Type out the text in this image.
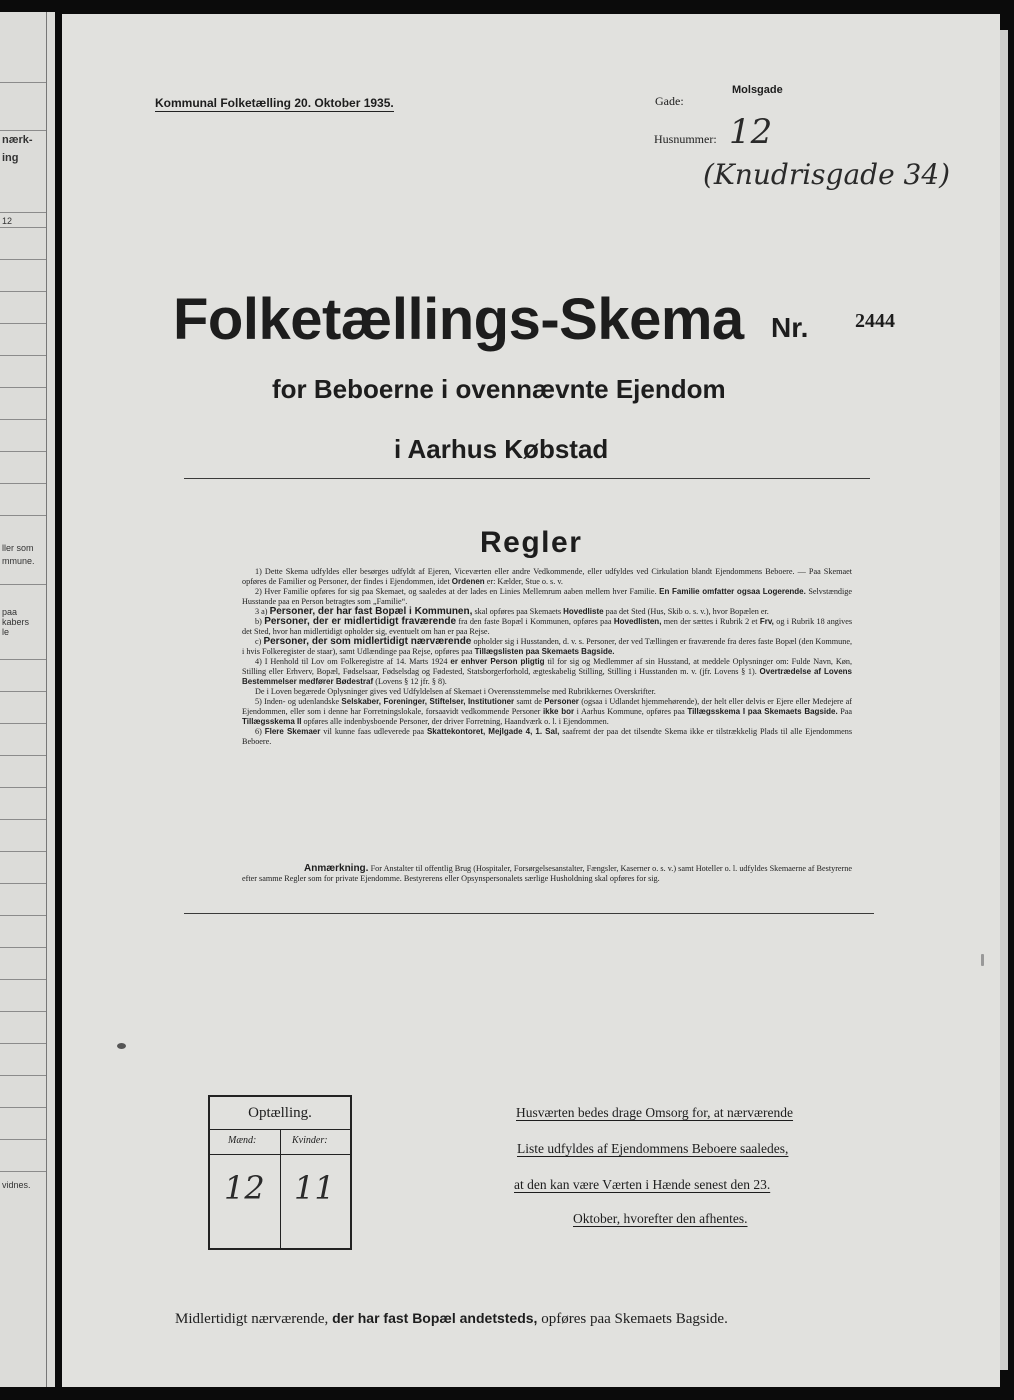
nærk-
ing
12
ller som
mmune.
paa
kabers
le
vidnes.
Kommunal Folketælling 20. Oktober 1935.	Gade:
Molsgade
Husnummer: 12
(Knudrisgade 34)
Folketællings-Skema Nr. 2444
for Beboerne i ovennævnte Ejendom
i Aarhus Købstad
Regler

1) Dette Skema udfyldes eller besørges udfyldt af Ejeren, Viceværten eller andre Vedkommende, eller udfyldes ved Cirkulation blandt Ejendommens Beboere. — Paa Skemaet opføres de Familier og Personer, der findes i Ejendommen, idet Ordenen er: Kælder, Stue o. s. v.

2) Hver Familie opføres for sig paa Skemaet, og saaledes at der lades en Linies Mellemrum aaben mellem hver Familie. En Familie omfatter ogsaa Logerende. Selvstændige Husstande paa en Person betragtes som „Familie“.

3 a) Personer, der har fast Bopæl i Kommunen, skal opføres paa Skemaets Hovedliste paa det Sted (Hus, Skib o. s. v.), hvor Bopælen er.

b) Personer, der er midlertidigt fraværende fra den faste Bopæl i Kommunen, opføres paa Hovedlisten, men der sættes i Rubrik 2 et Frv, og i Rubrik 18 angives det Sted, hvor han midlertidigt opholder sig, eventuelt om han er paa Rejse.

c) Personer, der som midlertidigt nærværende opholder sig i Husstanden, d. v. s. Personer, der ved Tællingen er fraværende fra deres faste Bopæl (den Kommune, i hvis Folkeregister de staar), samt Udlændinge paa Rejse, opføres paa Tillægslisten paa Skemaets Bagside.

4) I Henhold til Lov om Folkeregistre af 14. Marts 1924 er enhver Person pligtig til for sig og Medlemmer af sin Husstand, at meddele Oplysninger om: Fulde Navn, Køn, Stilling eller Erhverv, Bopæl, Fødselsaar, Fødselsdag og Fødested, Statsborgerforhold, ægteskabelig Stilling, Stilling i Husstanden m. v. (jfr. Lovens § 1). Overtrædelse af Lovens Bestemmelser medfører Bødestraf (Lovens § 12 jfr. § 8).

De i Loven begærede Oplysninger gives ved Udfyldelsen af Skemaet i Overensstemmelse med Rubrikkernes Overskrifter.

5) Inden- og udenlandske Selskaber, Foreninger, Stiftelser, Institutioner samt de Personer (ogsaa i Udlandet hjemmehørende), der helt eller delvis er Ejere eller Medejere af Ejendommen, eller som i denne har Forretningslokale, forsaavidt vedkommende Personer ikke bor i Aarhus Kommune, opføres paa Tillægsskema I paa Skemaets Bagside. Paa Tillægsskema II opføres alle indenbysboende Personer, der driver Forretning, Haandværk o. l. i Ejendommen.

6) Flere Skemaer vil kunne faas udleverede paa Skattekontoret, Mejlgade 4, 1. Sal, saafremt der paa det tilsendte Skema ikke er tilstrækkelig Plads til alle Ejendommens Beboere.

Anmærkning. For Anstalter til offentlig Brug (Hospitaler, Forsørgelsesanstalter, Fængsler, Kaserner o. s. v.) samt Hoteller o. l. udfyldes Skemaerne af Bestyrerne efter samme Regler som for private Ejendomme. Bestyrerens eller Opsynspersonalets særlige Husholdning skal opføres for sig.

Optælling.
Mænd:	Kvinder:
12 11
Husværten bedes drage Omsorg for, at nærværende
Liste udfyldes af Ejendommens Beboere saaledes,
at den kan være Værten i Hænde senest den 23.
Oktober, hvorefter den afhentes.
Midlertidigt nærværende, der har fast Bopæl andetsteds, opføres paa Skemaets Bagside.
